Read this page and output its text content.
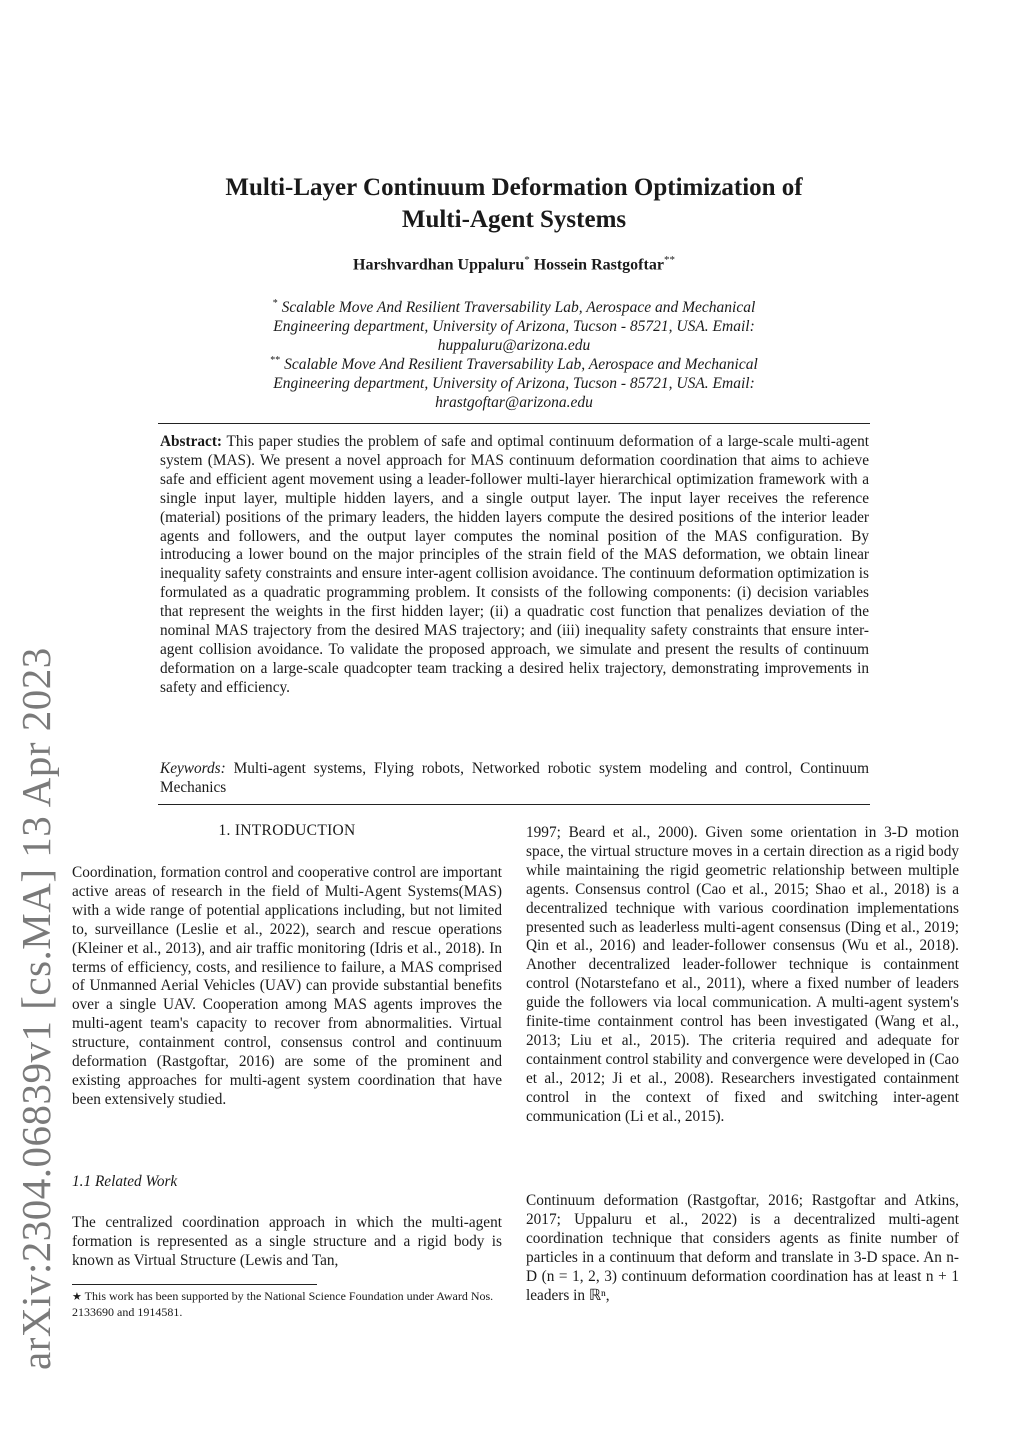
arXiv:2304.06839v1 [cs.MA] 13 Apr 2023
Multi-Layer Continuum Deformation Optimization of Multi-Agent Systems
Harshvardhan Uppaluru* Hossein Rastgoftar**
* Scalable Move And Resilient Traversability Lab, Aerospace and Mechanical Engineering department, University of Arizona, Tucson - 85721, USA. Email: huppaluru@arizona.edu
** Scalable Move And Resilient Traversability Lab, Aerospace and Mechanical Engineering department, University of Arizona, Tucson - 85721, USA. Email: hrastgoftar@arizona.edu
Abstract: This paper studies the problem of safe and optimal continuum deformation of a large-scale multi-agent system (MAS). We present a novel approach for MAS continuum deformation coordination that aims to achieve safe and efficient agent movement using a leader-follower multi-layer hierarchical optimization framework with a single input layer, multiple hidden layers, and a single output layer. The input layer receives the reference (material) positions of the primary leaders, the hidden layers compute the desired positions of the interior leader agents and followers, and the output layer computes the nominal position of the MAS configuration. By introducing a lower bound on the major principles of the strain field of the MAS deformation, we obtain linear inequality safety constraints and ensure inter-agent collision avoidance. The continuum deformation optimization is formulated as a quadratic programming problem. It consists of the following components: (i) decision variables that represent the weights in the first hidden layer; (ii) a quadratic cost function that penalizes deviation of the nominal MAS trajectory from the desired MAS trajectory; and (iii) inequality safety constraints that ensure inter-agent collision avoidance. To validate the proposed approach, we simulate and present the results of continuum deformation on a large-scale quadcopter team tracking a desired helix trajectory, demonstrating improvements in safety and efficiency.
Keywords: Multi-agent systems, Flying robots, Networked robotic system modeling and control, Continuum Mechanics
1. INTRODUCTION
Coordination, formation control and cooperative control are important active areas of research in the field of Multi-Agent Systems(MAS) with a wide range of potential applications including, but not limited to, surveillance (Leslie et al., 2022), search and rescue operations (Kleiner et al., 2013), and air traffic monitoring (Idris et al., 2018). In terms of efficiency, costs, and resilience to failure, a MAS comprised of Unmanned Aerial Vehicles (UAV) can provide substantial benefits over a single UAV. Cooperation among MAS agents improves the multi-agent team's capacity to recover from abnormalities. Virtual structure, containment control, consensus control and continuum deformation (Rastgoftar, 2016) are some of the prominent and existing approaches for multi-agent system coordination that have been extensively studied.
1.1 Related Work
The centralized coordination approach in which the multi-agent formation is represented as a single structure and a rigid body is known as Virtual Structure (Lewis and Tan,
★ This work has been supported by the National Science Foundation under Award Nos. 2133690 and 1914581.
1997; Beard et al., 2000). Given some orientation in 3-D motion space, the virtual structure moves in a certain direction as a rigid body while maintaining the rigid geometric relationship between multiple agents. Consensus control (Cao et al., 2015; Shao et al., 2018) is a decentralized technique with various coordination implementations presented such as leaderless multi-agent consensus (Ding et al., 2019; Qin et al., 2016) and leader-follower consensus (Wu et al., 2018). Another decentralized leader-follower technique is containment control (Notarstefano et al., 2011), where a fixed number of leaders guide the followers via local communication. A multi-agent system's finite-time containment control has been investigated (Wang et al., 2013; Liu et al., 2015). The criteria required and adequate for containment control stability and convergence were developed in (Cao et al., 2012; Ji et al., 2008). Researchers investigated containment control in the context of fixed and switching inter-agent communication (Li et al., 2015).
Continuum deformation (Rastgoftar, 2016; Rastgoftar and Atkins, 2017; Uppaluru et al., 2022) is a decentralized multi-agent coordination technique that considers agents as finite number of particles in a continuum that deform and translate in 3-D space. An n-D (n = 1, 2, 3) continuum deformation coordination has at least n + 1 leaders in ℝⁿ,
